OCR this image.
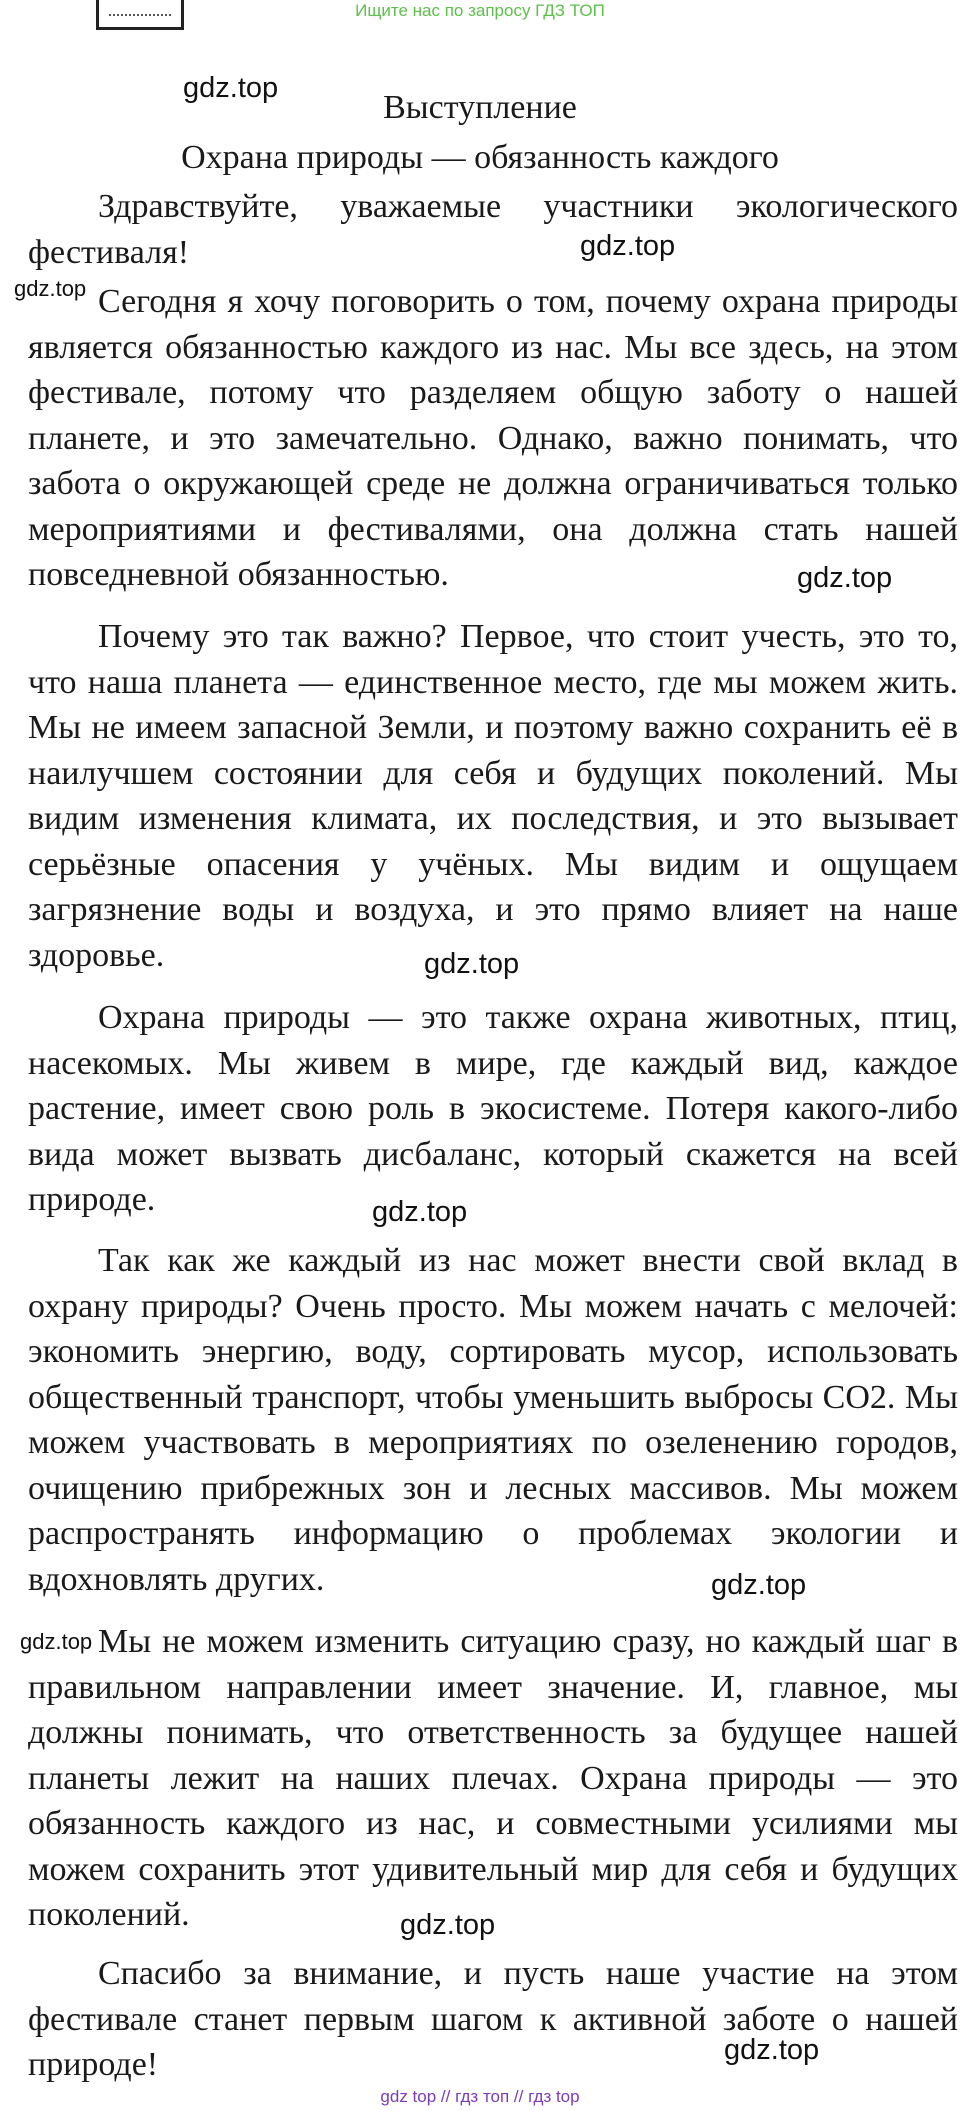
Ищите нас по запросу ГДЗ ТОП
Выступление
Охрана природы — обязанность каждого
Здравствуйте, уважаемые участники экологического фестиваля!
Сегодня я хочу поговорить о том, почему охрана природы является обязанностью каждого из нас. Мы все здесь, на этом фестивале, потому что разделяем общую заботу о нашей планете, и это замечательно. Однако, важно понимать, что забота о окружающей среде не должна ограничиваться только мероприятиями и фестивалями, она должна стать нашей повседневной обязанностью.
Почему это так важно? Первое, что стоит учесть, это то, что наша планета — единственное место, где мы можем жить. Мы не имеем запасной Земли, и поэтому важно сохранить её в наилучшем состоянии для себя и будущих поколений. Мы видим изменения климата, их последствия, и это вызывает серьёзные опасения у учёных. Мы видим и ощущаем загрязнение воды и воздуха, и это прямо влияет на наше здоровье.
Охрана природы — это также охрана животных, птиц, насекомых. Мы живем в мире, где каждый вид, каждое растение, имеет свою роль в экосистеме. Потеря какого-либо вида может вызвать дисбаланс, который скажется на всей природе.
Так как же каждый из нас может внести свой вклад в охрану природы? Очень просто. Мы можем начать с мелочей: экономить энергию, воду, сортировать мусор, использовать общественный транспорт, чтобы уменьшить выбросы CO2. Мы можем участвовать в мероприятиях по озеленению городов, очищению прибрежных зон и лесных массивов. Мы можем распространять информацию о проблемах экологии и вдохновлять других.
Мы не можем изменить ситуацию сразу, но каждый шаг в правильном направлении имеет значение. И, главное, мы должны понимать, что ответственность за будущее нашей планеты лежит на наших плечах. Охрана природы — это обязанность каждого из нас, и совместными усилиями мы можем сохранить этот удивительный мир для себя и будущих поколений.
Спасибо за внимание, и пусть наше участие на этом фестивале станет первым шагом к активной заботе о нашей природе!
gdz.top
gdz.top
gdz.top
gdz.top
gdz.top
gdz.top
gdz.top
gdz.top
gdz.top
gdz.top
gdz top // гдз топ // гдз top
